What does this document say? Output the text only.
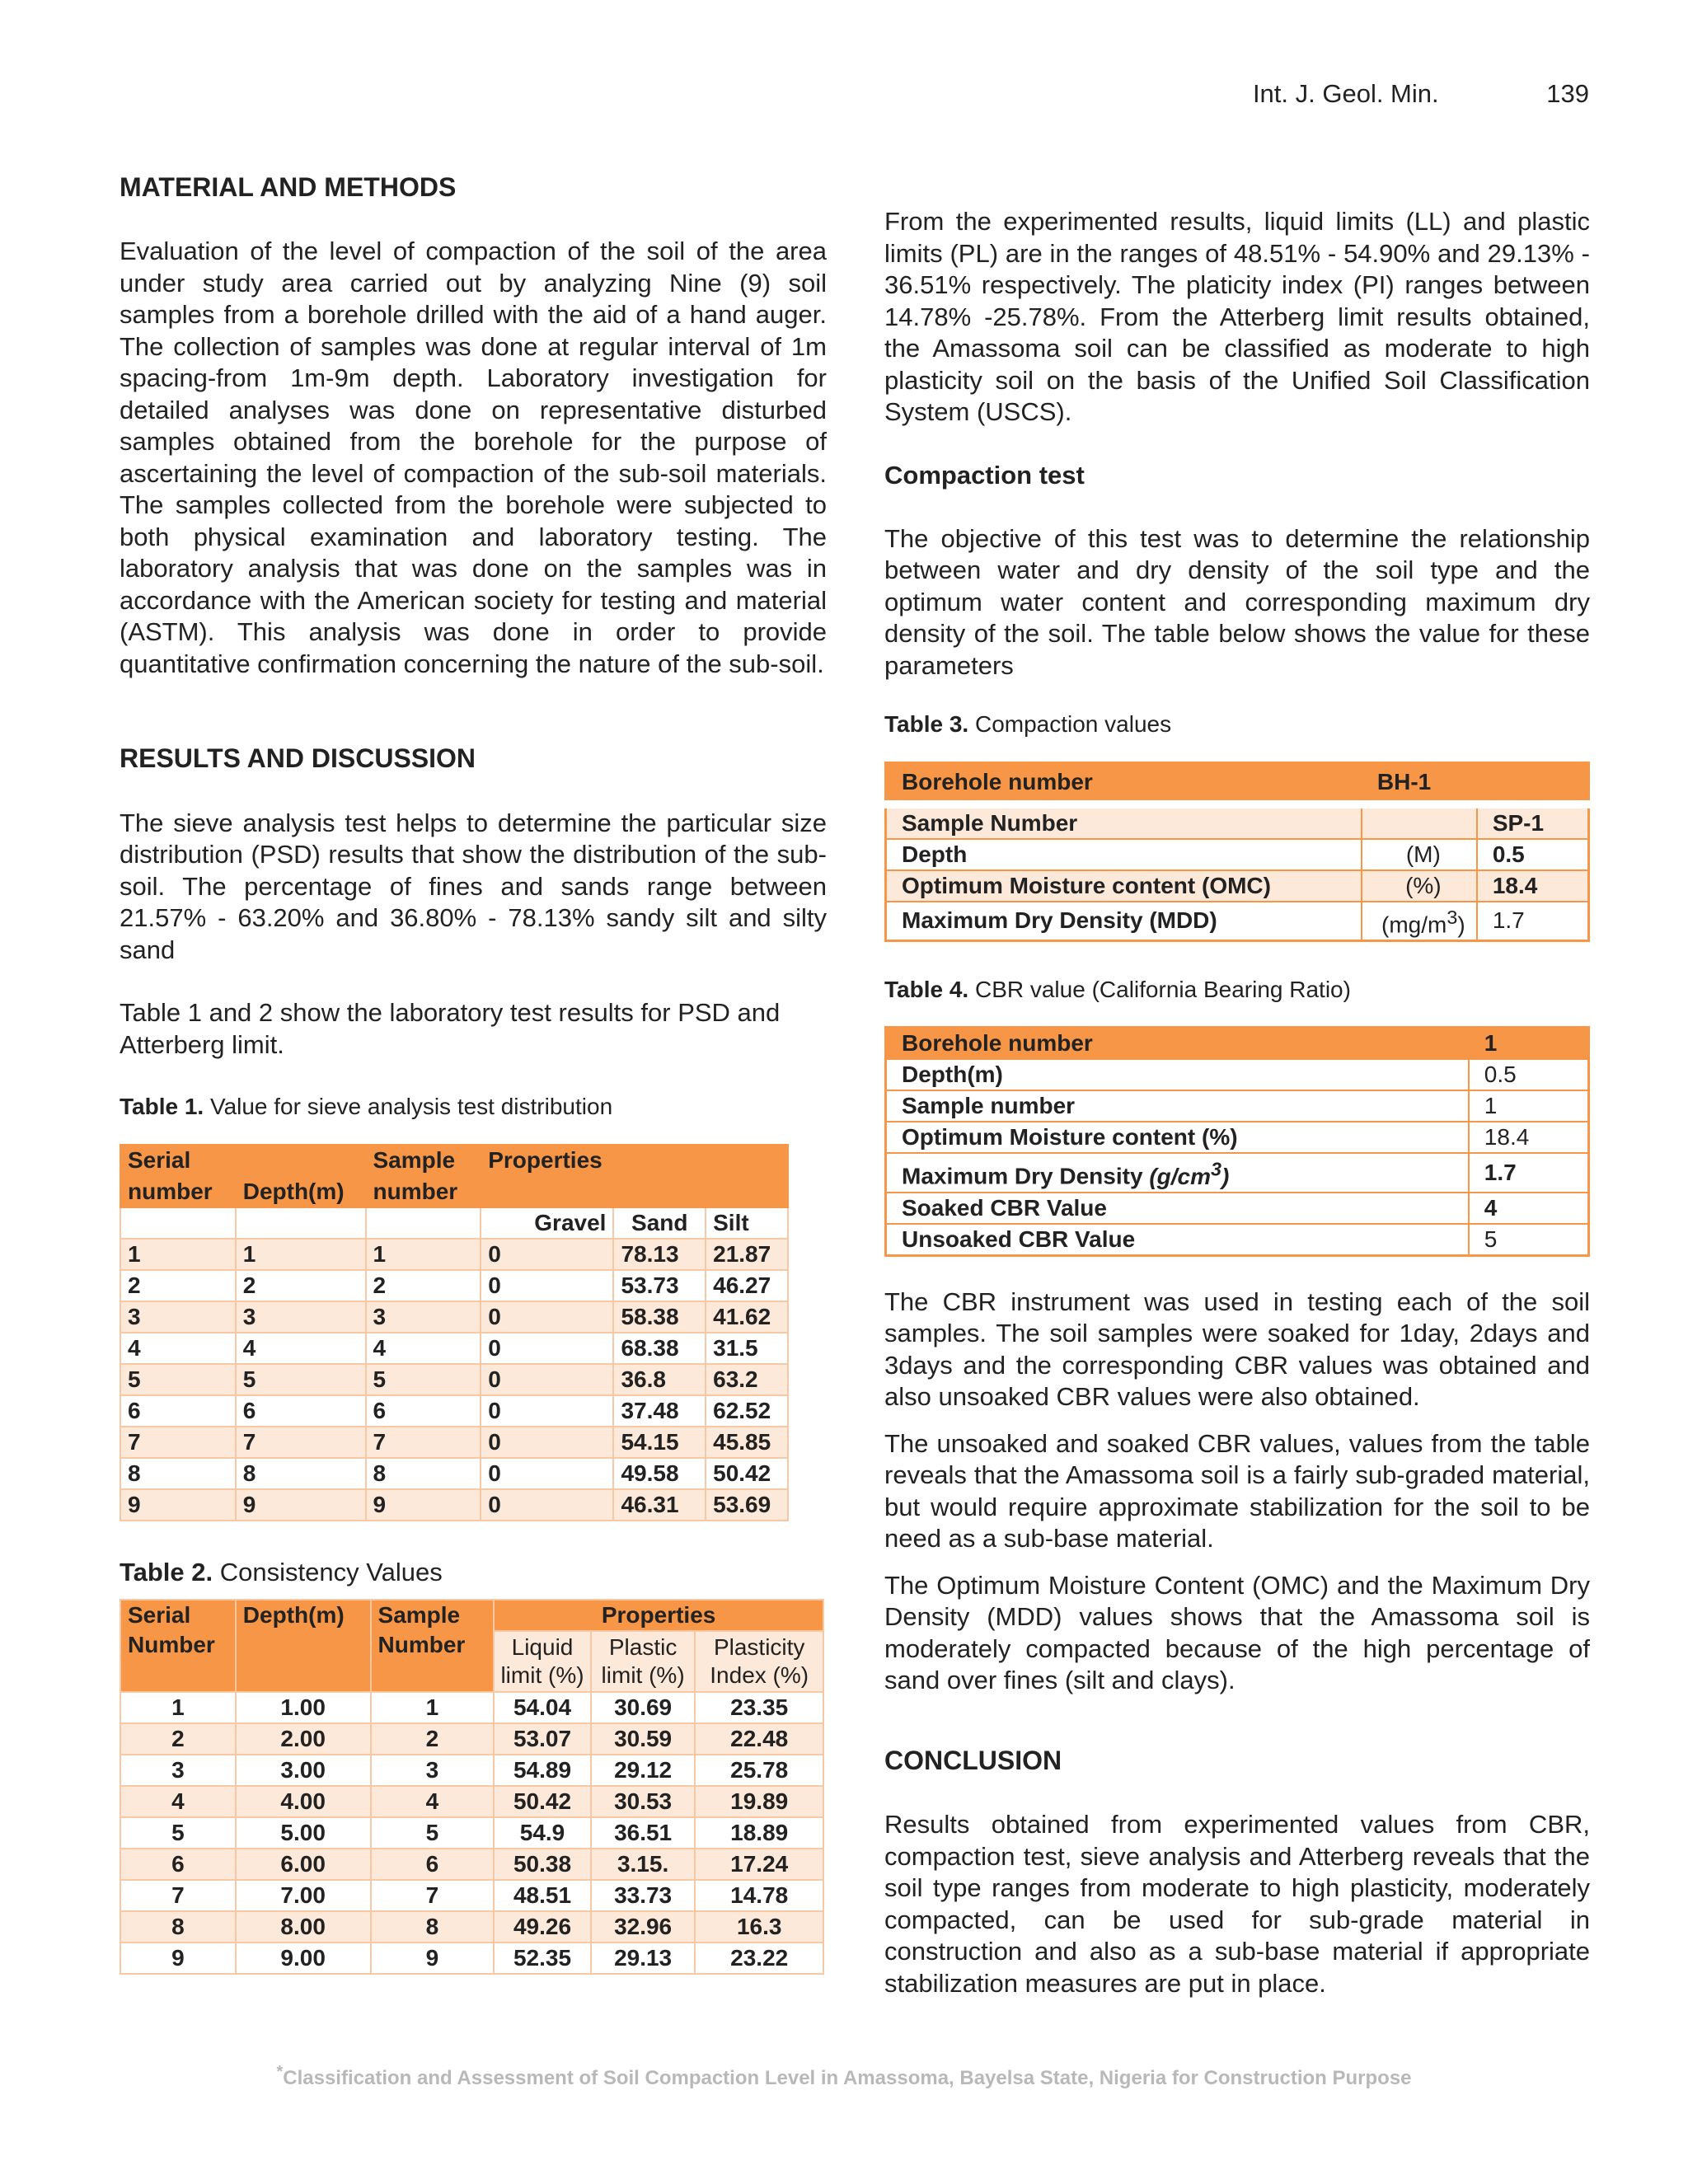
Int. J. Geol. Min.	139
MATERIAL AND METHODS

Evaluation of the level of compaction of the soil of the area under study area carried out by analyzing Nine (9) soil samples from a borehole drilled with the aid of a hand auger. The collection of samples was done at regular interval of 1m spacing-from 1m-9m depth. Laboratory investigation for detailed analyses was done on representative disturbed samples obtained from the borehole for the purpose of ascertaining the level of compaction of the sub-soil materials. The samples collected from the borehole were subjected to both physical examination and laboratory testing. The laboratory analysis that was done on the samples was in accordance with the American society for testing and material (ASTM). This analysis was done in order to provide quantitative confirmation concerning the nature of the sub-soil.

RESULTS AND DISCUSSION

The sieve analysis test helps to determine the particular size distribution (PSD) results that show the distribution of the sub-soil. The percentage of fines and sands range between 21.57% - 63.20% and 36.80% - 78.13% sandy silt and silty sand

Table 1 and 2 show the laboratory test results for PSD and Atterberg limit.

Table 1. Value for sieve analysis test distribution
Serial		Sample	Properties		
number	Depth(m)	number			
			Gravel	Sand	Silt
1	1	1	0	78.13	21.87
2	2	2	0	53.73	46.27
3	3	3	0	58.38	41.62
4	4	4	0	68.38	31.5
5	5	5	0	36.8	63.2
6	6	6	0	37.48	62.52
7	7	7	0	54.15	45.85
8	8	8	0	49.58	50.42
9	9	9	0	46.31	53.69
Table 2. Consistency Values
Serial Number	Depth(m)	Sample Number	Properties		
			Liquid limit (%)	Plastic limit (%)	Plasticity Index (%)
1	1.00	1	54.04	30.69	23.35
2	2.00	2	53.07	30.59	22.48
3	3.00	3	54.89	29.12	25.78
4	4.00	4	50.42	30.53	19.89
5	5.00	5	54.9	36.51	18.89
6	6.00	6	50.38	3.15.	17.24
7	7.00	7	48.51	33.73	14.78
8	8.00	8	49.26	32.96	16.3
9	9.00	9	52.35	29.13	23.22

From the experimented results, liquid limits (LL) and plastic limits (PL) are in the ranges of 48.51% - 54.90% and 29.13% - 36.51% respectively. The platicity index (PI) ranges between 14.78% -25.78%. From the Atterberg limit results obtained, the Amassoma soil can be classified as moderate to high plasticity soil on the basis of the Unified Soil Classification System (USCS).

Compaction test

The objective of this test was to determine the relationship between water and dry density of the soil type and the optimum water content and corresponding maximum dry density of the soil. The table below shows the value for these parameters

Table 3. Compaction values
Borehole number	BH-1	
Sample Number		SP-1
Depth	(M)	0.5
Optimum Moisture content (OMC)	(%)	18.4
Maximum Dry Density (MDD)	$(mg/m^3)$	1.7
Table 4. CBR value (California Bearing Ratio)
Borehole number	1
Depth(m)	0.5
Sample number	1
Optimum Moisture content (%)	18.4
Maximum Dry Density $(g/cm^3)$	1.7
Soaked CBR Value	4
Unsoaked CBR Value	5

The CBR instrument was used in testing each of the soil samples. The soil samples were soaked for 1day, 2days and 3days and the corresponding CBR values was obtained and also unsoaked CBR values were also obtained.

The unsoaked and soaked CBR values, values from the table reveals that the Amassoma soil is a fairly sub-graded material, but would require approximate stabilization for the soil to be need as a sub-base material.

The Optimum Moisture Content (OMC) and the Maximum Dry Density (MDD) values shows that the Amassoma soil is moderately compacted because of the high percentage of sand over fines (silt and clays).

CONCLUSION

Results obtained from experimented values from CBR, compaction test, sieve analysis and Atterberg reveals that the soil type ranges from moderate to high plasticity, moderately compacted, can be used for sub-grade material in construction and also as a sub-base material if appropriate stabilization measures are put in place.

*Classification and Assessment of Soil Compaction Level in Amassoma, Bayelsa State, Nigeria for Construction Purpose
